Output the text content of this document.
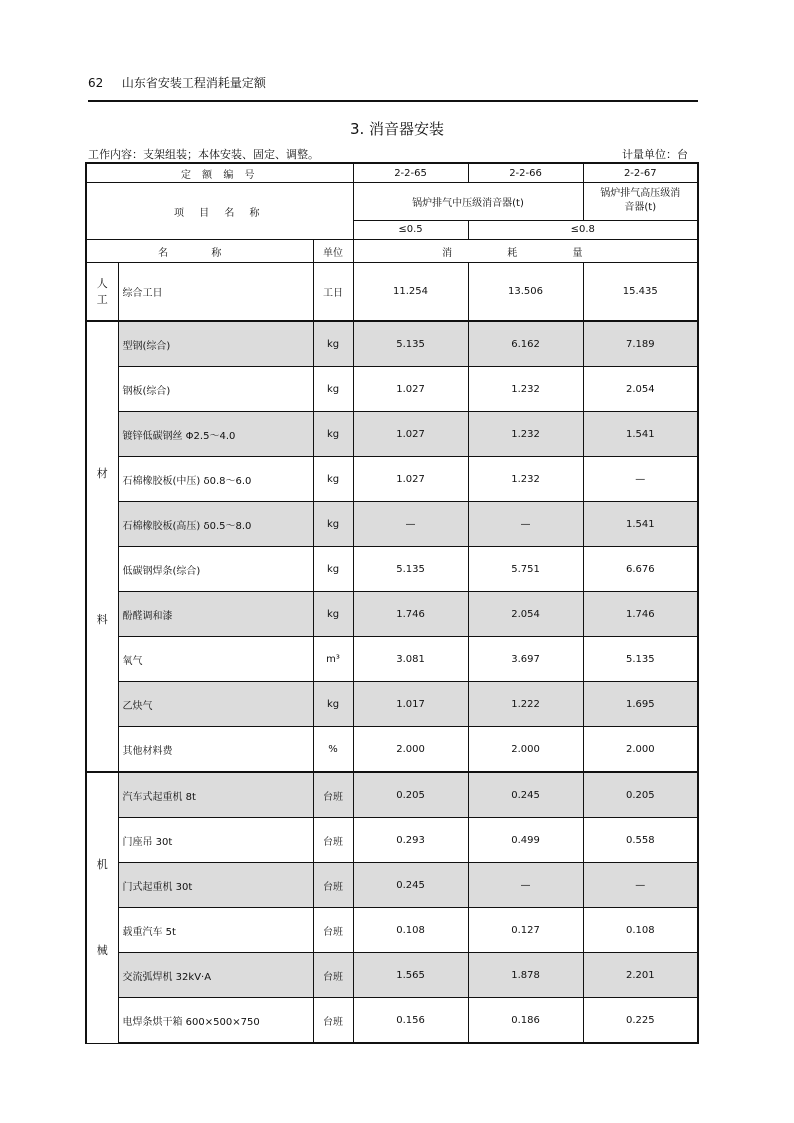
62 山东省安装工程消耗量定额
3. 消音器安装
工作内容：支架组装；本体安装、固定、调整。	计量单位：台
定 额 编 号			2-2-65	2-2-66	2-2-67
项 目 名 称			锅炉排气中压级消音器(t)		锅炉排气高压级消音器(t)
			≤0.5	≤0.8	
名 称		单位	消 耗 量		

人
工	综合工日	工日	11.254	13.506	15.435

材
料	型钢(综合)	kg	5.135	6.162	7.189
	钢板(综合)	kg	1.027	1.232	2.054
	镀锌低碳钢丝 Φ2.5～4.0	kg	1.027	1.232	1.541
	石棉橡胶板(中压) δ0.8～6.0	kg	1.027	1.232	—
	石棉橡胶板(高压) δ0.5～8.0	kg	—	—	1.541
	低碳钢焊条(综合)	kg	5.135	5.751	6.676
	酚醛调和漆	kg	1.746	2.054	1.746
	氧气	m³	3.081	3.697	5.135
	乙炔气	kg	1.017	1.222	1.695
	其他材料费	%	2.000	2.000	2.000

机
械	汽车式起重机 8t	台班	0.205	0.245	0.205
	门座吊 30t	台班	0.293	0.499	0.558
	门式起重机 30t	台班	0.245	—	—
	载重汽车 5t	台班	0.108	0.127	0.108
	交流弧焊机 32kV·A	台班	1.565	1.878	2.201
	电焊条烘干箱 600×500×750	台班	0.156	0.186	0.225
